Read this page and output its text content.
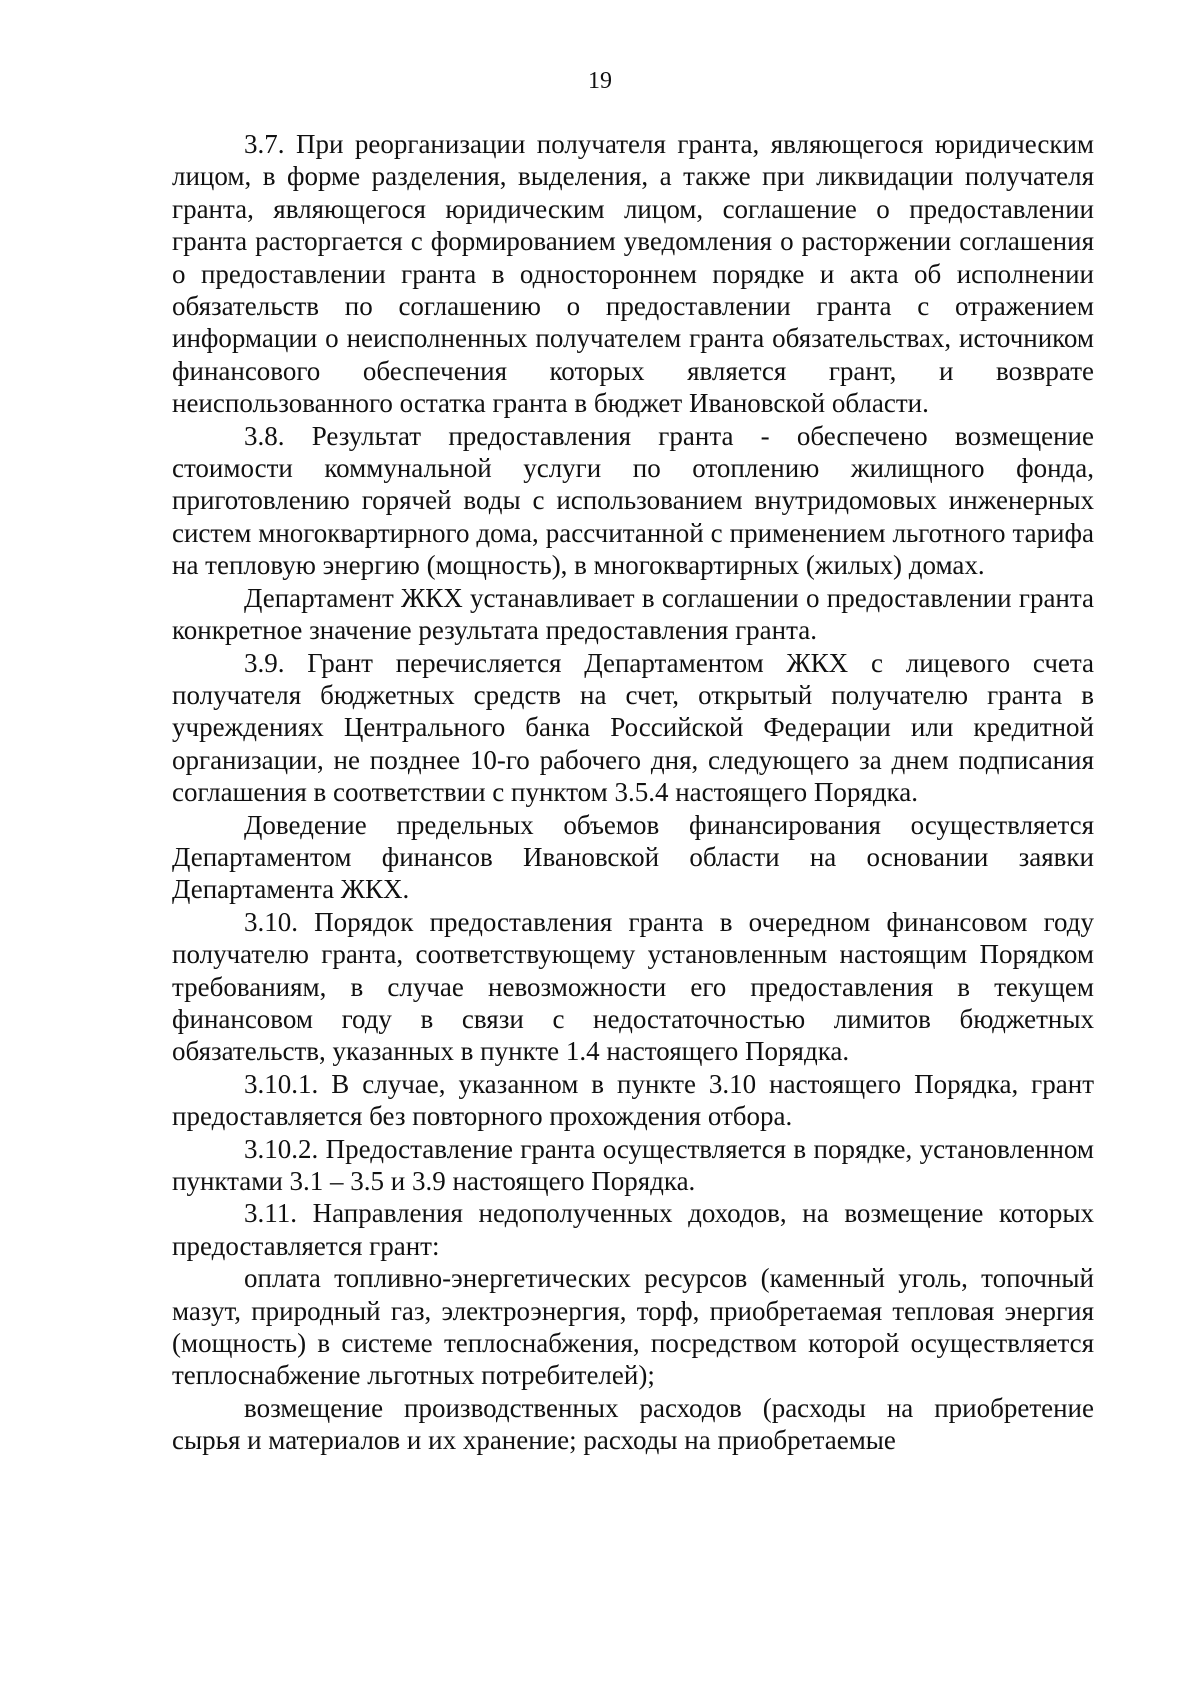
19

3.7. При реорганизации получателя гранта, являющегося юридическим лицом, в форме разделения, выделения, а также при ликвидации получателя гранта, являющегося юридическим лицом, соглашение о предоставлении гранта расторгается с формированием уведомления о расторжении соглашения о предоставлении гранта в одностороннем порядке и акта об исполнении обязательств по соглашению о предоставлении гранта с отражением информации о неисполненных получателем гранта обязательствах, источником финансового обеспечения которых является грант, и возврате неиспользованного остатка гранта в бюджет Ивановской области.

3.8. Результат предоставления гранта - обеспечено возмещение стоимости коммунальной услуги по отоплению жилищного фонда, приготовлению горячей воды с использованием внутридомовых инженерных систем многоквартирного дома, рассчитанной с применением льготного тарифа на тепловую энергию (мощность), в многоквартирных (жилых) домах.

Департамент ЖКХ устанавливает в соглашении о предоставлении гранта конкретное значение результата предоставления гранта.

3.9. Грант перечисляется Департаментом ЖКХ с лицевого счета получателя бюджетных средств на счет, открытый получателю гранта в учреждениях Центрального банка Российской Федерации или кредитной организации, не позднее 10-го рабочего дня, следующего за днем подписания соглашения в соответствии с пунктом 3.5.4 настоящего Порядка.

Доведение предельных объемов финансирования осуществляется Департаментом финансов Ивановской области на основании заявки Департамента ЖКХ.

3.10. Порядок предоставления гранта в очередном финансовом году получателю гранта, соответствующему установленным настоящим Порядком требованиям, в случае невозможности его предоставления в текущем финансовом году в связи с недостаточностью лимитов бюджетных обязательств, указанных в пункте 1.4 настоящего Порядка.

3.10.1. В случае, указанном в пункте 3.10 настоящего Порядка, грант предоставляется без повторного прохождения отбора.

3.10.2. Предоставление гранта осуществляется в порядке, установленном пунктами 3.1 – 3.5 и 3.9 настоящего Порядка.

3.11. Направления недополученных доходов, на возмещение которых предоставляется грант:

оплата топливно-энергетических ресурсов (каменный уголь, топочный мазут, природный газ, электроэнергия, торф, приобретаемая тепловая энергия (мощность) в системе теплоснабжения, посредством которой осуществляется теплоснабжение льготных потребителей);

возмещение производственных расходов (расходы на приобретение сырья и материалов и их хранение; расходы на приобретаемые
